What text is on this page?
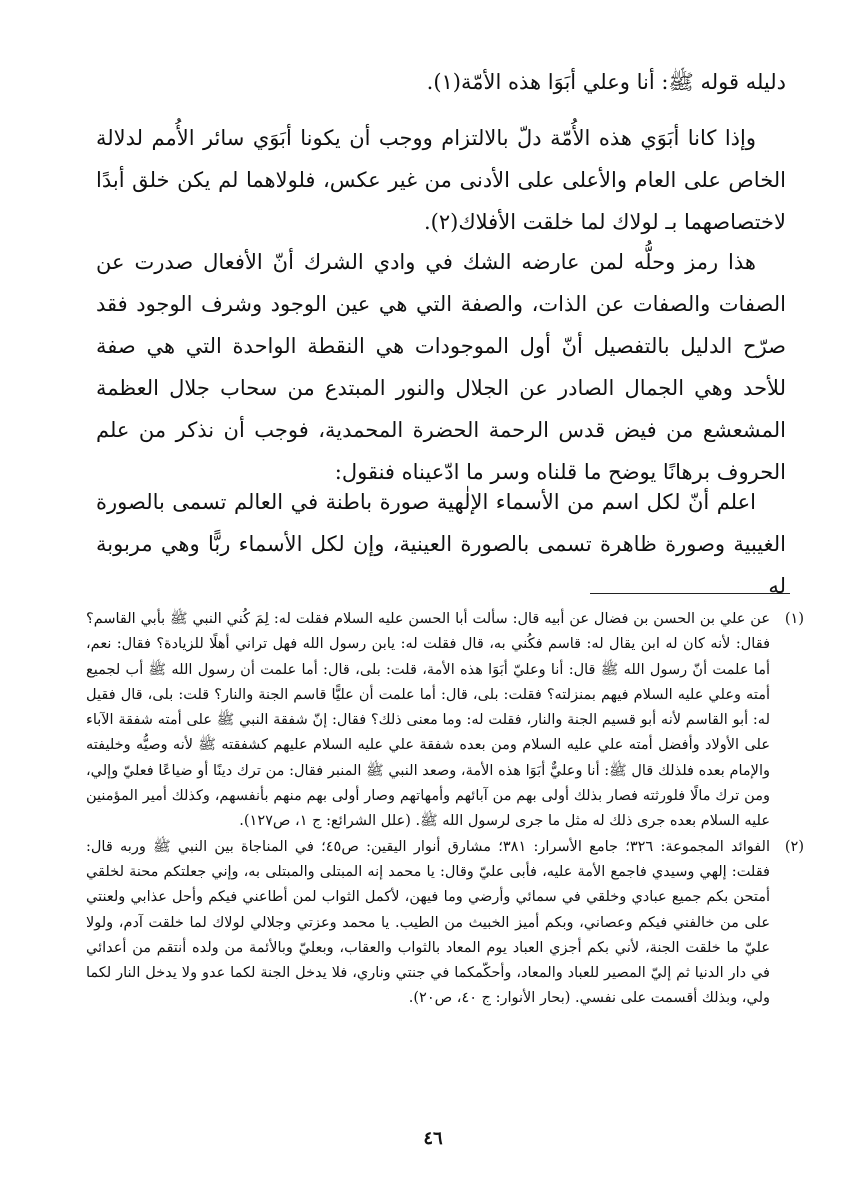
دليله قوله ﷺ: أنا وعلي أبَوَا هذه الأمّة(١).

وإذا كانا أبَوَي هذه الأُمّة دلّ بالالتزام ووجب أن يكونا أبَوَي سائر الأُمم لدلالة الخاص على العام والأعلى على الأدنى من غير عكس، فلولاهما لم يكن خلق أبدًا لاختصاصهما بـ لولاك لما خلقت الأفلاك(٢).

هذا رمز وحلُّه لمن عارضه الشك في وادي الشرك أنّ الأفعال صدرت عن الصفات والصفات عن الذات، والصفة التي هي عين الوجود وشرف الوجود فقد صرّح الدليل بالتفصيل أنّ أول الموجودات هي النقطة الواحدة التي هي صفة للأحد وهي الجمال الصادر عن الجلال والنور المبتدع من سحاب جلال العظمة المشعشع من فيض قدس الرحمة الحضرة المحمدية، فوجب أن نذكر من علم الحروف برهانًا يوضح ما قلناه وسر ما ادّعيناه فنقول:

اعلم أنّ لكل اسم من الأسماء الإلٰهية صورة باطنة في العالم تسمى بالصورة الغيبية وصورة ظاهرة تسمى بالصورة العينية، وإن لكل الأسماء ربًّا وهي مربوبة له

(١)
عن علي بن الحسن بن فضال عن أبيه قال: سألت أبا الحسن عليه السلام فقلت له: لِمَ كُني النبي ﷺ بأبي القاسم؟ فقال: لأنه كان له ابن يقال له: قاسم فكُني به، قال فقلت له: يابن رسول الله فهل تراني أهلًا للزيادة؟ فقال: نعم، أما علمت أنّ رسول الله ﷺ قال: أنا وعليّ أبَوَا هذه الأمة، قلت: بلى، قال: أما علمت أن رسول الله ﷺ أب لجميع أمته وعلي عليه السلام فيهم بمنزلته؟ فقلت: بلى، قال: أما علمت أن عليًّا قاسم الجنة والنار؟ قلت: بلى، قال فقيل له: أبو القاسم لأنه أبو قسيم الجنة والنار، فقلت له: وما معنى ذلك؟ فقال: إنّ شفقة النبي ﷺ على أمته شفقة الآباء على الأولاد وأفضل أمته علي عليه السلام ومن بعده شفقة علي عليه السلام عليهم كشفقته ﷺ لأنه وصيُّه وخليفته والإمام بعده فلذلك قال ﷺ: أنا وعليٌّ أبَوَا هذه الأمة، وصعد النبي ﷺ المنبر فقال: من ترك دينًا أو ضياعًا فعليّ وإلي، ومن ترك مالًا فلورثته فصار بذلك أولى بهم من آبائهم وأمهاتهم وصار أولى بهم منهم بأنفسهم، وكذلك أمير المؤمنين عليه السلام بعده جرى ذلك له مثل ما جرى لرسول الله ﷺ. (علل الشرائع: ج ١، ص١٢٧).

(٢)
الفوائد المجموعة: ٣٢٦؛ جامع الأسرار: ٣٨١؛ مشارق أنوار اليقين: ص٤٥؛ في المناجاة بين النبي ﷺ وربه قال: فقلت: إلهي وسيدي فاجمع الأمة عليه، فأبى عليّ وقال: يا محمد إنه المبتلى والمبتلى به، وإني جعلتكم محنة لخلقي أمتحن بكم جميع عبادي وخلقي في سمائي وأرضي وما فيهن، لأكمل الثواب لمن أطاعني فيكم وأحل عذابي ولعنتي على من خالفني فيكم وعصاني، وبكم أميز الخبيث من الطيب. يا محمد وعزتي وجلالي لولاك لما خلقت آدم، ولولا عليّ ما خلقت الجنة، لأني بكم أجزي العباد يوم المعاد بالثواب والعقاب، وبعليّ وبالأئمة من ولده أنتقم من أعدائي في دار الدنيا ثم إليّ المصير للعباد والمعاد، وأحكّمكما في جنتي وناري، فلا يدخل الجنة لكما عدو ولا يدخل النار لكما ولي، وبذلك أقسمت على نفسي. (بحار الأنوار: ج ٤٠، ص٢٠).

٤٦
